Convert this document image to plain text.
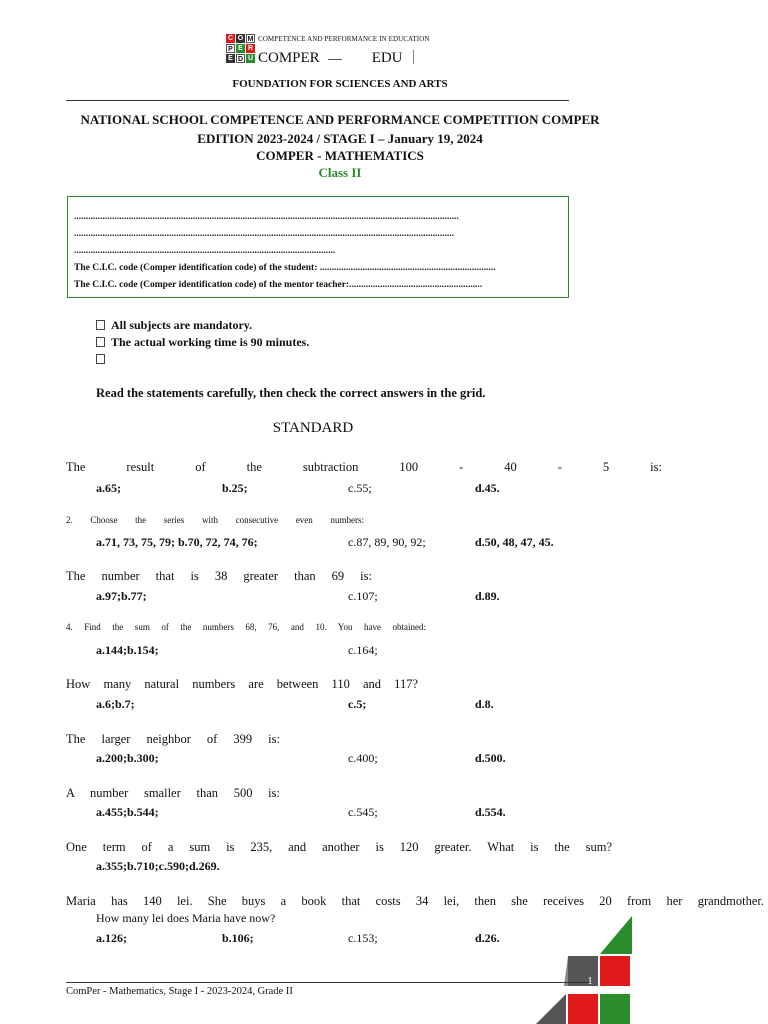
C O M
P E R
E D U
COMPETENCE AND PERFORMANCE IN EDUCATION
COMPER	EDU
FOUNDATION FOR SCIENCES AND ARTS
NATIONAL SCHOOL COMPETENCE AND PERFORMANCE COMPETITION COMPER
EDITION 2023-2024 / STAGE I – January 19, 2024
COMPER - MATHEMATICS
Class II
..................................................................................................................................................................
................................................................................................................................................................
..............................................................................................................
The C.I.C. code (Comper identification code) of the student: ..........................................................................
The C.I.C. code (Comper identification code) of the mentor teacher:........................................................
All subjects are mandatory.
The actual working time is 90 minutes.
Read the statements carefully, then check the correct answers in the grid.
STANDARD
The result of the subtraction 100 - 40 - 5 is:
a.65;	b.25;	c.55;	d.45.
2. Choose the series with consecutive even numbers:
a.71, 73, 75, 79; b.70, 72, 74, 76;	c.87, 89, 90, 92;	d.50, 48, 47, 45.
The number that is 38 greater than 69 is:
a.97;b.77;	c.107;	d.89.
4. Find the sum of the numbers 68, 76, and 10. You have obtained:
a.144;b.154;	c.164;
How many natural numbers are between 110 and 117?
a.6;b.7;	c.5;	d.8.
The larger neighbor of 399 is:
a.200;b.300;	c.400;	d.500.
A number smaller than 500 is:
a.455;b.544;	c.545;	d.554.
One term of a sum is 235, and another is 120 greater. What is the sum?
a.355;b.710;c.590;d.269.
Maria has 140 lei. She buys a book that costs 34 lei, then she receives 20 from her grandmother.
How many lei does Maria have now?
a.126;	b.106;	c.153;	d.26.
ComPer - Mathematics, Stage I - 2023-2024, Grade II
1
